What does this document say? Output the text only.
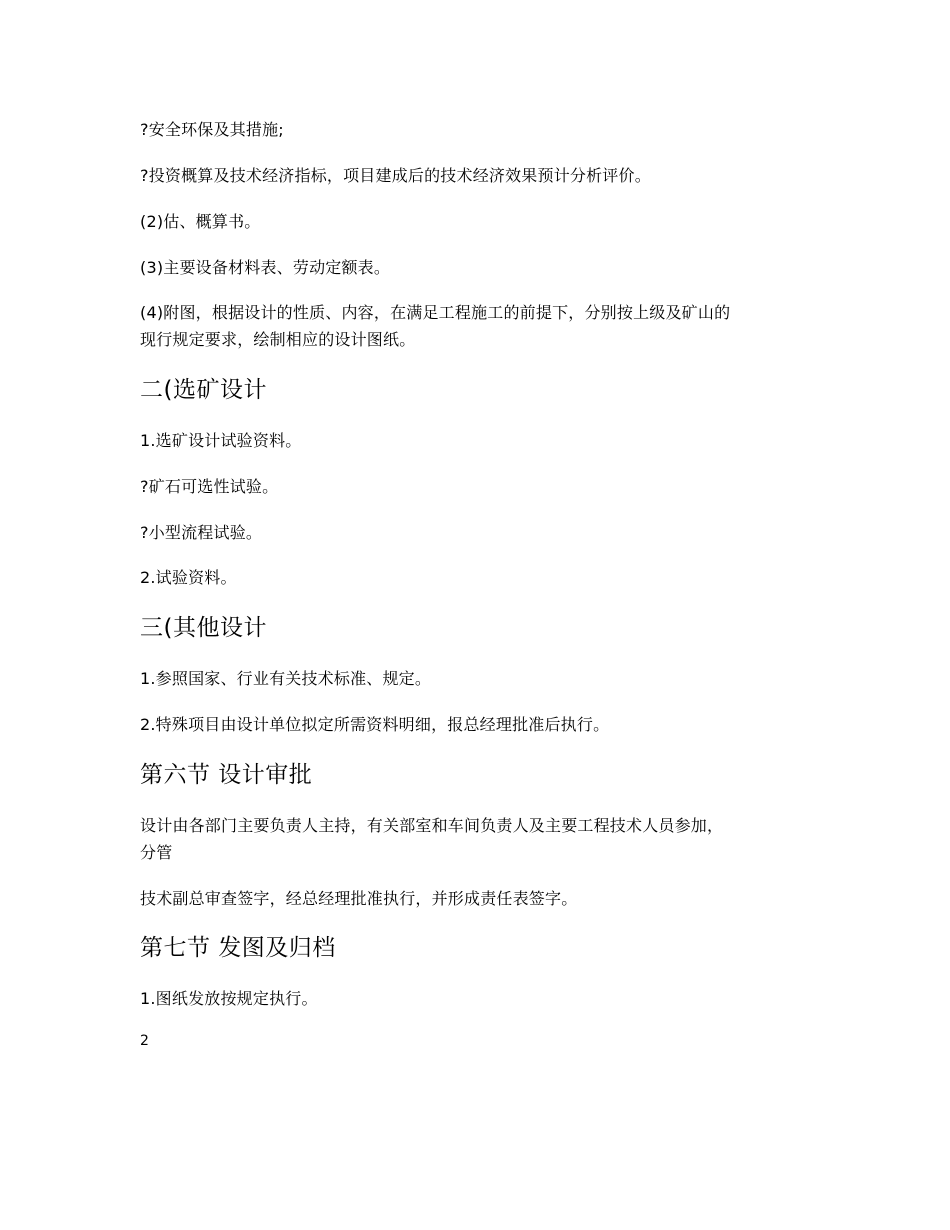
?安全环保及其措施;

?投资概算及技术经济指标，项目建成后的技术经济效果预计分析评价。

(2)估、概算书。

(3)主要设备材料表、劳动定额表。

(4)附图，根据设计的性质、内容，在满足工程施工的前提下，分别按上级及矿山的

现行规定要求，绘制相应的设计图纸。

二(选矿设计

1.选矿设计试验资料。

?矿石可选性试验。

?小型流程试验。

2.试验资料。

三(其他设计

1.参照国家、行业有关技术标准、规定。

2.特殊项目由设计单位拟定所需资料明细，报总经理批准后执行。

第六节 设计审批

设计由各部门主要负责人主持，有关部室和车间负责人及主要工程技术人员参加，

分管

技术副总审查签字，经总经理批准执行，并形成责任表签字。

第七节 发图及归档

1.图纸发放按规定执行。

2
